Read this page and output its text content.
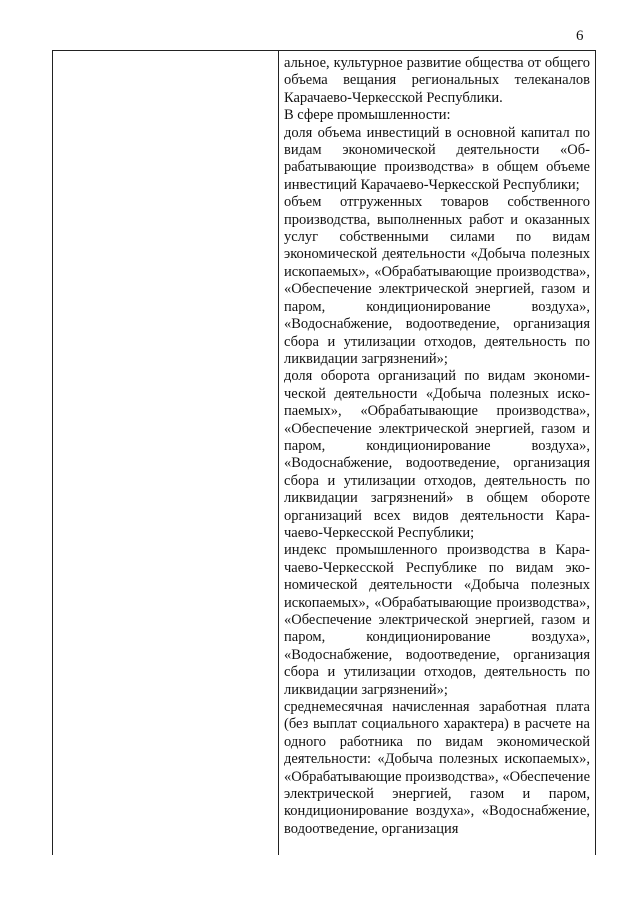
6

альное, культурное развитие общества от общего объема вещания региональных телеканалов Карачаево-Черкесской Республики.

В сфере промышленности:

доля объема инвестиций в основной капитал по видам экономической деятельности «Обрабатывающие производства» в общем объеме инвестиций Карачаево-Черкесской Республики;

объем отгруженных товаров собственного производства, выполненных работ и оказанных услуг собственными силами по видам экономической деятельности «Добыча полезных ископаемых», «Обрабатывающие производства», «Обеспечение электрической энергией, газом и паром, кондиционирование воздуха», «Водоснабжение, водоотведение, организация сбора и утилизации отходов, деятельность по ликвидации загрязнений»;

доля оборота организаций по видам экономической деятельности «Добыча полезных ископаемых», «Обрабатывающие производства», «Обеспечение электрической энергией, газом и паром, кондиционирование воздуха», «Водоснабжение, водоотведение, организация сбора и утилизации отходов, деятельность по ликвидации загрязнений» в общем обороте организаций всех видов деятельности Карачаево-Черкесской Республики;

индекс промышленного производства в Карачаево-Черкесской Республике по видам экономической деятельности «Добыча полезных ископаемых», «Обрабатывающие производства», «Обеспечение электрической энергией, газом и паром, кондиционирование воздуха», «Водоснабжение, водоотведение, организация сбора и утилизации отходов, деятельность по ликвидации загрязнений»;

среднемесячная начисленная заработная плата (без выплат социального характера) в расчете на одного работника по видам экономической деятельности: «Добыча полезных ископаемых», «Обрабатывающие производства», «Обеспечение электрической энергией, газом и паром, кондиционирование воздуха», «Водоснабжение, водоотведение, организация
